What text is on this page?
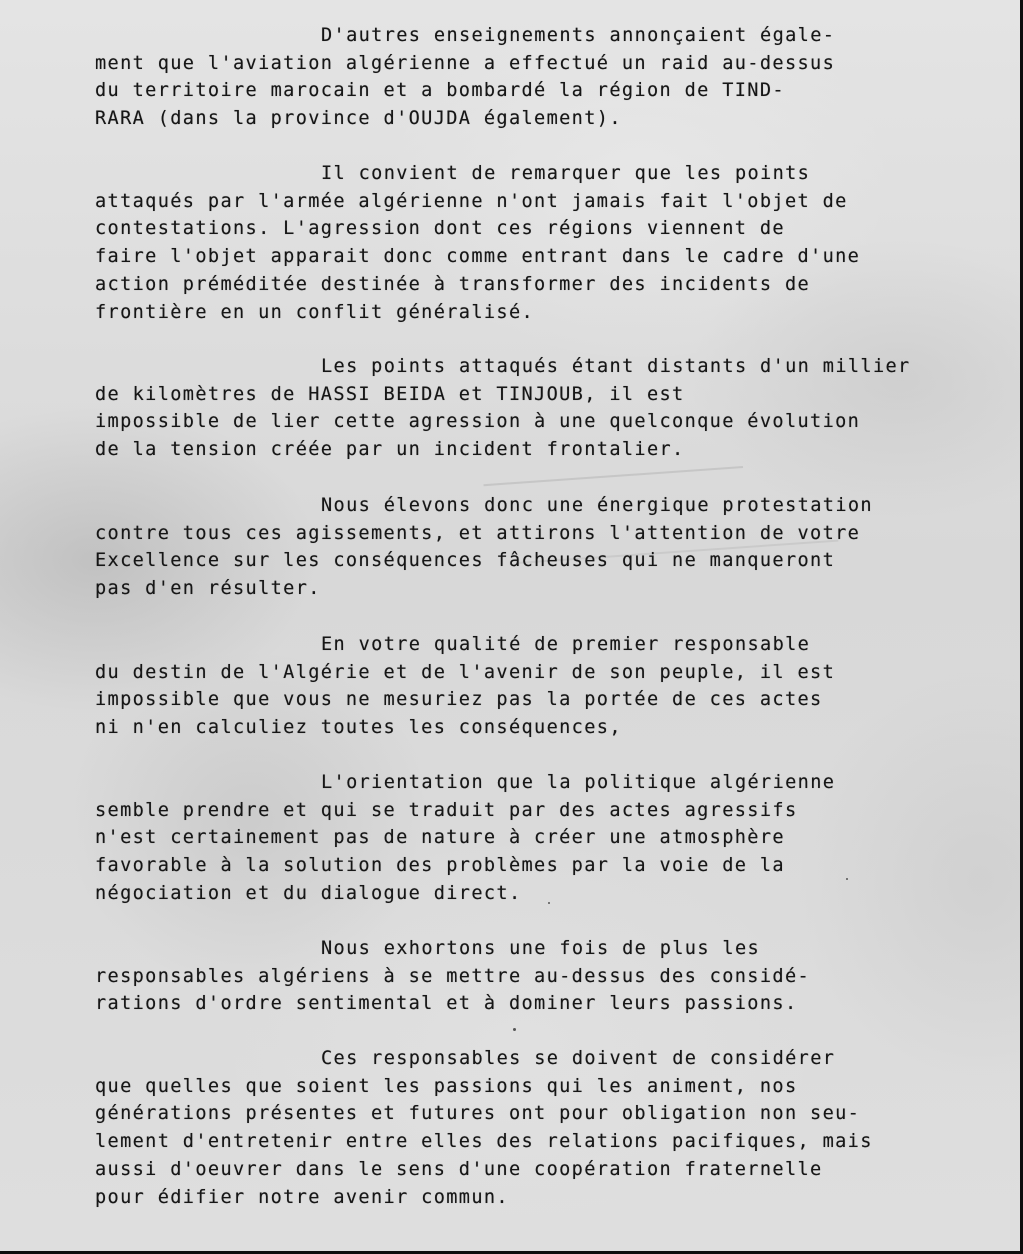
D'autres enseignements annonçaient égale-
ment que l'aviation algérienne a effectué un raid au-dessus
du territoire marocain et a bombardé la région de TIND-
RARA (dans la province d'OUJDA également).

Il convient de remarquer que les points
attaqués par l'armée algérienne n'ont jamais fait l'objet de
contestations. L'agression dont ces régions viennent de
faire l'objet apparait donc comme entrant dans le cadre d'une
action préméditée destinée à transformer des incidents de
frontière en un conflit généralisé.

Les points attaqués étant distants d'un millier
de kilomètres de HASSI BEIDA et TINJOUB, il est
impossible de lier cette agression à une quelconque évolution
de la tension créée par un incident frontalier.

Nous élevons donc une énergique protestation
contre tous ces agissements, et attirons l'attention de votre
Excellence sur les conséquences fâcheuses qui ne manqueront
pas d'en résulter.

En votre qualité de premier responsable
du destin de l'Algérie et de l'avenir de son peuple, il est
impossible que vous ne mesuriez pas la portée de ces actes
ni n'en calculiez toutes les conséquences,

L'orientation que la politique algérienne
semble prendre et qui se traduit par des actes agressifs
n'est certainement pas de nature à créer une atmosphère
favorable à la solution des problèmes par la voie de la
négociation et du dialogue direct.

Nous exhortons une fois de plus les
responsables algériens à se mettre au-dessus des considé-
rations d'ordre sentimental et à dominer leurs passions.

Ces responsables se doivent de considérer
que quelles que soient les passions qui les animent, nos
générations présentes et futures ont pour obligation non seu-
lement d'entretenir entre elles des relations pacifiques, mais
aussi d'oeuvrer dans le sens d'une coopération fraternelle
pour édifier notre avenir commun.
